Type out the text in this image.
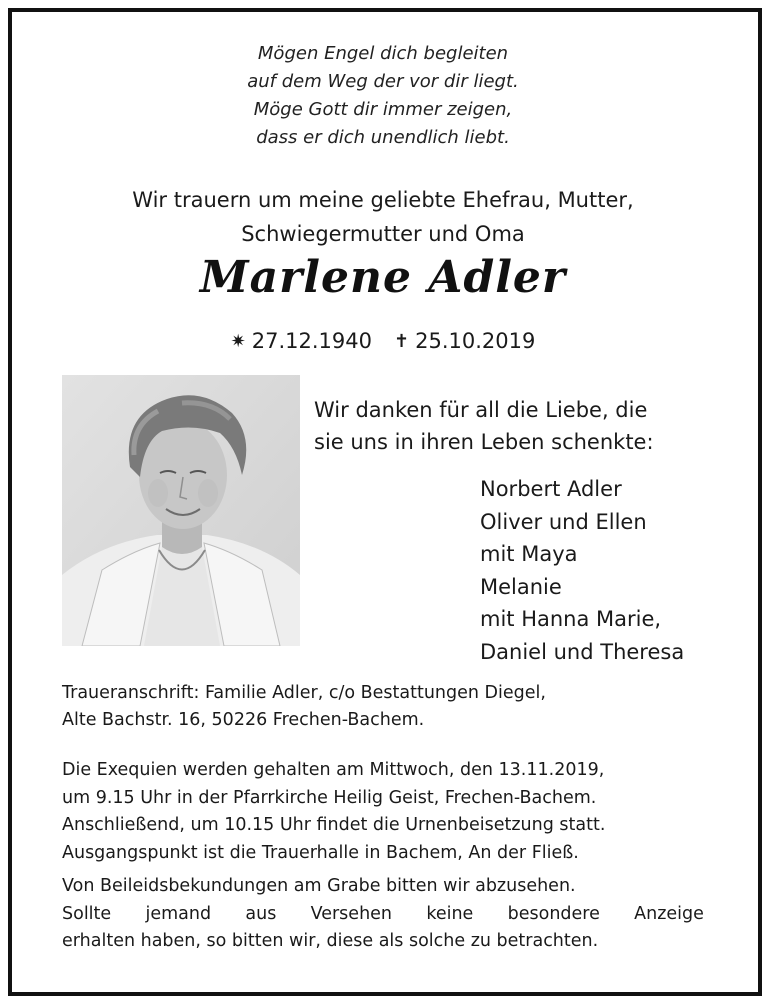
Mögen Engel dich begleiten
auf dem Weg der vor dir liegt.
Möge Gott dir immer zeigen,
dass er dich unendlich liebt.
Wir trauern um meine geliebte Ehefrau, Mutter,
Schwiegermutter und Oma
Marlene Adler
✷ 27.12.1940 ✝ 25.10.2019
Wir danken für all die Liebe, die
sie uns in ihren Leben schenkte:
Norbert Adler
Oliver und Ellen
mit Maya
Melanie
mit Hanna Marie,
Daniel und Theresa
Traueranschrift: Familie Adler, c/o Bestattungen Diegel,
Alte Bachstr. 16, 50226 Frechen-Bachem.
Die Exequien werden gehalten am Mittwoch, den 13.11.2019,
um 9.15 Uhr in der Pfarrkirche Heilig Geist, Frechen-Bachem.
Anschließend, um 10.15 Uhr findet die Urnenbeisetzung statt.
Ausgangspunkt ist die Trauerhalle in Bachem, An der Fließ.
Von Beileidsbekundungen am Grabe bitten wir abzusehen.
Sollte jemand aus Versehen keine besondere Anzeige
erhalten haben, so bitten wir, diese als solche zu betrachten.
